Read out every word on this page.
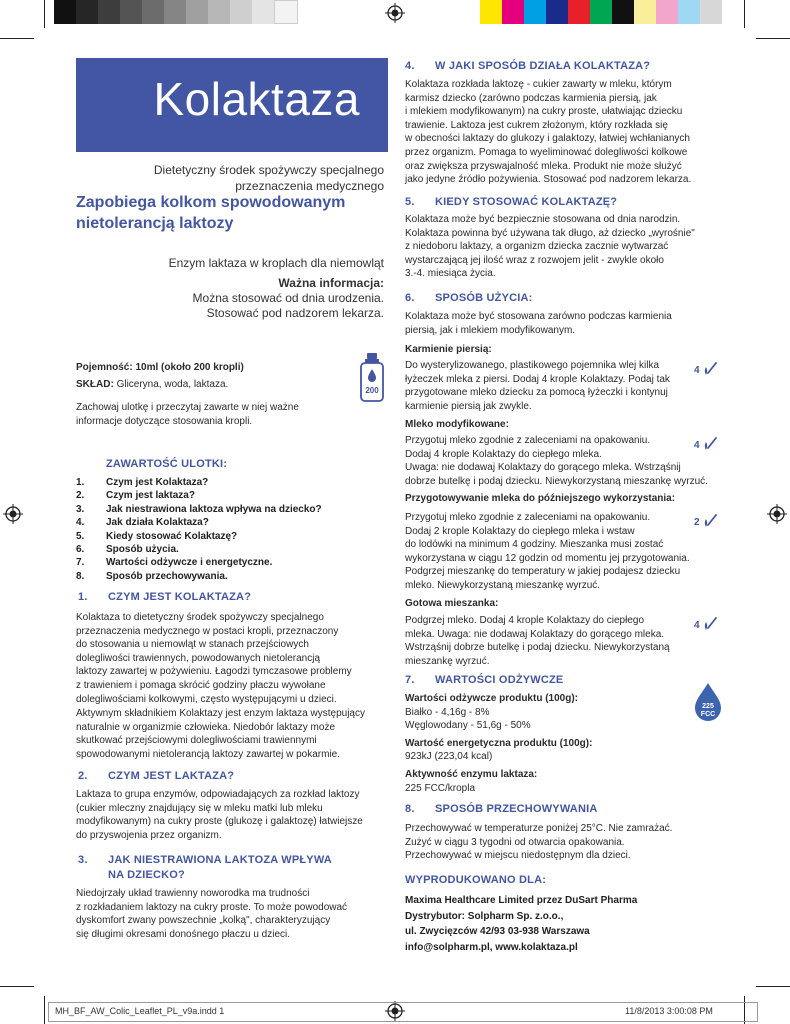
Kolaktaza
Dietetyczny środek spożywczy specjalnego
przeznaczenia medycznego
Zapobiega kolkom spowodowanym
nietolerancją laktozy
Enzym laktaza w kroplach dla niemowląt
Ważna informacja:
Można stosować od dnia urodzenia.
Stosować pod nadzorem lekarza.
Pojemność: 10ml (około 200 kropli)
SKŁAD: Gliceryna, woda, laktaza.
200
Zachowaj ulotkę i przeczytaj zawarte w niej ważne
informacje dotyczące stosowania kropli.
ZAWARTOŚĆ ULOTKI:
1. Czym jest Kolaktaza?
2. Czym jest laktaza?
3. Jak niestrawiona laktoza wpływa na dziecko?
4. Jak działa Kolaktaza?
5. Kiedy stosować Kolaktazę?
6. Sposób użycia.
7. Wartości odżywcze i energetyczne.
8. Sposób przechowywania.
1. CZYM JEST KOLAKTAZA?
Kolaktaza to dietetyczny środek spożywczy specjalnego
przeznaczenia medycznego w postaci kropli, przeznaczony
do stosowania u niemowląt w stanach przejściowych
dolegliwości trawiennych, powodowanych nietolerancją
laktozy zawartej w pożywieniu. Łagodzi tymczasowe problemy
z trawieniem i pomaga skrócić godziny płaczu wywołane
dolegliwościami kolkowymi, często występującymi u dzieci.
Aktywnym składnikiem Kolaktazy jest enzym laktaza występujący
naturalnie w organizmie człowieka. Niedobór laktazy może
skutkować przejściowymi dolegliwościami trawiennymi
spowodowanymi nietolerancją laktozy zawartej w pokarmie.
2. CZYM JEST LAKTAZA?
Laktaza to grupa enzymów, odpowiadających za rozkład laktozy
(cukier mleczny znajdujący się w mleku matki lub mleku
modyfikowanym) na cukry proste (glukozę i galaktozę) łatwiejsze
do przyswojenia przez organizm.
3. JAK NIESTRAWIONA LAKTOZA WPŁYWA
NA DZIECKO?
Niedojrzały układ trawienny noworodka ma trudności
z rozkładaniem laktozy na cukry proste. To może powodować
dyskomfort zwany powszechnie „kolką", charakteryzujący
się długimi okresami donośnego płaczu u dzieci.
4. W JAKI SPOSÓB DZIAŁA KOLAKTAZA?
Kolaktaza rozkłada laktozę - cukier zawarty w mleku, którym
karmisz dziecko (zarówno podczas karmienia piersią, jak
i mlekiem modyfikowanym) na cukry proste, ułatwiając dziecku
trawienie. Laktoza jest cukrem złożonym, który rozkłada się
w obecności laktazy do glukozy i galaktozy, łatwiej wchłanianych
przez organizm. Pomaga to wyeliminować dolegliwości kolkowe
oraz zwiększa przyswajalność mleka. Produkt nie może służyć
jako jedyne źródło pożywienia. Stosować pod nadzorem lekarza.
5. KIEDY STOSOWAĆ KOLAKTAZĘ?
Kolaktaza może być bezpiecznie stosowana od dnia narodzin.
Kolaktaza powinna być używana tak długo, aż dziecko „wyrośnie"
z niedoboru laktazy, a organizm dziecka zacznie wytwarzać
wystarczającą jej ilość wraz z rozwojem jelit - zwykle około
3.-4. miesiąca życia.
6. SPOSÓB UŻYCIA:
Kolaktaza może być stosowana zarówno podczas karmienia
piersią, jak i mlekiem modyfikowanym.
Karmienie piersią:
Do wysterylizowanego, plastikowego pojemnika wlej kilka
łyżeczek mleka z piersi. Dodaj 4 krople Kolaktazy. Podaj tak
przygotowane mleko dziecku za pomocą łyżeczki i kontynuj
karmienie piersią jak zwykle.
Mleko modyfikowane:
Przygotuj mleko zgodnie z zaleceniami na opakowaniu.
Dodaj 4 krople Kolaktazy do ciepłego mleka.
Uwaga: nie dodawaj Kolaktazy do gorącego mleka. Wstrząśnij
dobrze butelkę i podaj dziecku. Niewykorzystaną mieszankę wyrzuć.
Przygotowywanie mleka do późniejszego wykorzystania:
Przygotuj mleko zgodnie z zaleceniami na opakowaniu.
Dodaj 2 krople Kolaktazy do ciepłego mleka i wstaw
do lodówki na minimum 4 godziny. Mieszanka musi zostać
wykorzystana w ciągu 12 godzin od momentu jej przygotowania.
Podgrzej mieszankę do temperatury w jakiej podajesz dziecku
mleko. Niewykorzystaną mieszankę wyrzuć.
Gotowa mieszanka:
Podgrzej mleko. Dodaj 4 krople Kolaktazy do ciepłego
mleka. Uwaga: nie dodawaj Kolaktazy do gorącego mleka.
Wstrząśnij dobrze butelkę i podaj dziecku. Niewykorzystaną
mieszankę wyrzuć.
4
4
2
4
7. WARTOŚCI ODŻYWCZE
Wartości odżywcze produktu (100g):
Białko - 4,16g - 8%
Węglowodany - 51,6g - 50%
Wartość energetyczna produktu (100g):
923kJ (223,04 kcal)
Aktywność enzymu laktaza:
225 FCC/kropla
225
FCC
8. SPOSÓB PRZECHOWYWANIA
Przechowywać w temperaturze poniżej 25°C. Nie zamrażać.
Zużyć w ciągu 3 tygodni od otwarcia opakowania.
Przechowywać w miejscu niedostępnym dla dzieci.
WYPRODUKOWANO DLA:
Maxima Healthcare Limited przez DuSart Pharma
Dystrybutor: Solpharm Sp. z.o.o.,
ul. Zwycięzców 42/93 03-938 Warszawa
info@solpharm.pl, www.kolaktaza.pl
MH_BF_AW_Colic_Leaflet_PL_v9a.indd 1	11/8/2013 3:00:08 PM
